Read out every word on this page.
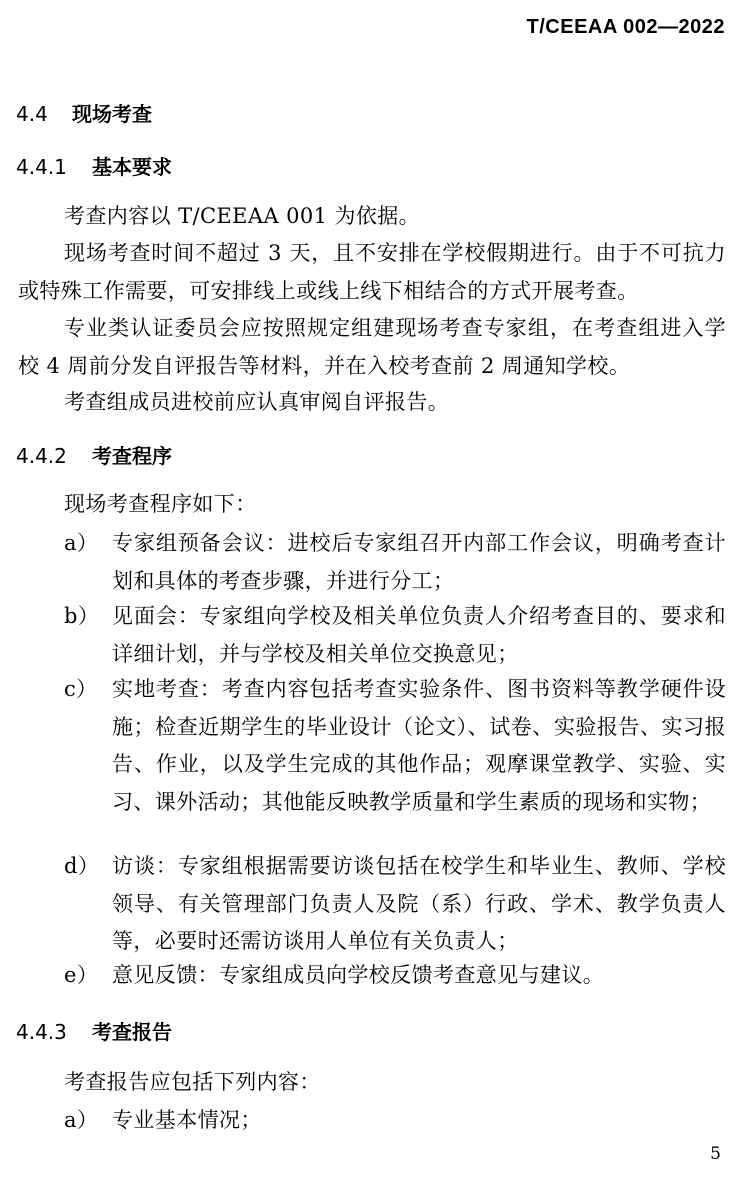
T/CEEAA 002—2022
4.4 现场考查
4.4.1 基本要求
考查内容以 T/CEEAA 001 为依据。
现场考查时间不超过 3 天，且不安排在学校假期进行。由于不可抗力或特殊工作需要，可安排线上或线上线下相结合的方式开展考查。
专业类认证委员会应按照规定组建现场考查专家组，在考查组进入学校 4 周前分发自评报告等材料，并在入校考查前 2 周通知学校。
考查组成员进校前应认真审阅自评报告。
4.4.2 考查程序
现场考查程序如下：
a） 专家组预备会议：进校后专家组召开内部工作会议，明确考查计划和具体的考查步骤，并进行分工；
b） 见面会：专家组向学校及相关单位负责人介绍考查目的、要求和详细计划，并与学校及相关单位交换意见；
c） 实地考查：考查内容包括考查实验条件、图书资料等教学硬件设施；检查近期学生的毕业设计（论文）、试卷、实验报告、实习报告、作业，以及学生完成的其他作品；观摩课堂教学、实验、实习、课外活动；其他能反映教学质量和学生素质的现场和实物；
d） 访谈：专家组根据需要访谈包括在校学生和毕业生、教师、学校领导、有关管理部门负责人及院（系）行政、学术、教学负责人等，必要时还需访谈用人单位有关负责人；
e） 意见反馈：专家组成员向学校反馈考查意见与建议。
4.4.3 考查报告
考查报告应包括下列内容：
a） 专业基本情况；
5
